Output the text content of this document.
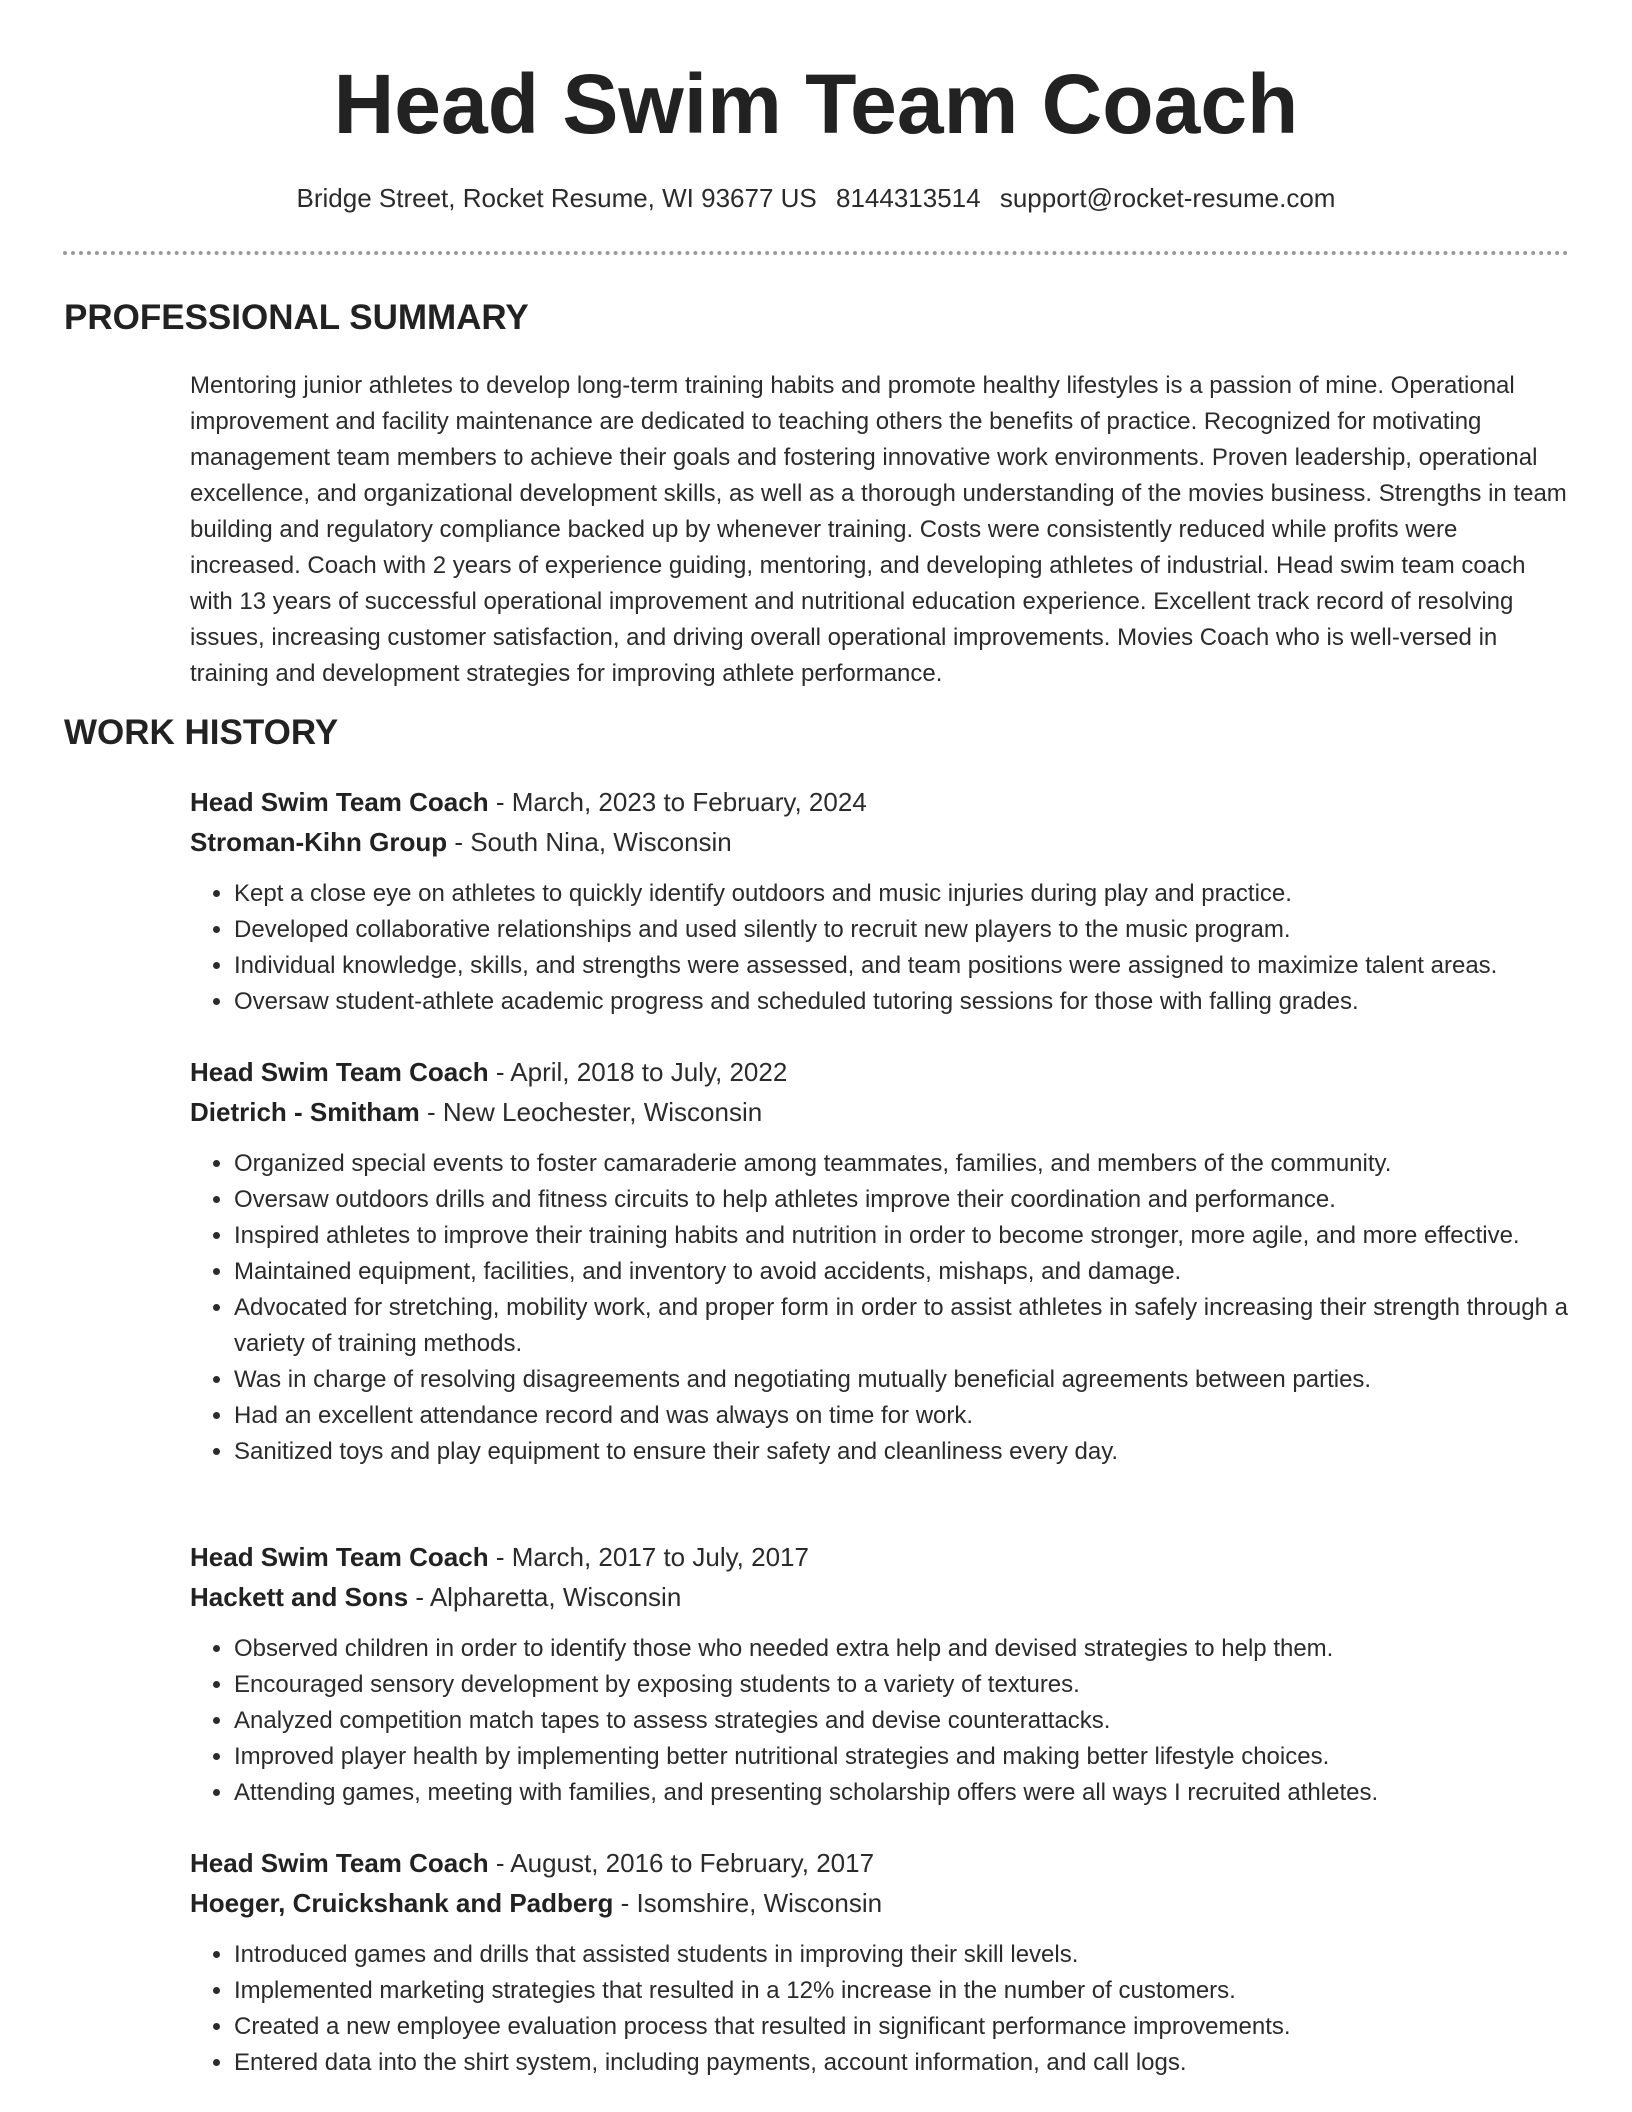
Head Swim Team Coach
Bridge Street, Rocket Resume, WI 93677 US 8144313514 support@rocket-resume.com
PROFESSIONAL SUMMARY

Mentoring junior athletes to develop long-term training habits and promote healthy lifestyles is a passion of mine. Operational improvement and facility maintenance are dedicated to teaching others the benefits of practice. Recognized for motivating management team members to achieve their goals and fostering innovative work environments. Proven leadership, operational excellence, and organizational development skills, as well as a thorough understanding of the movies business. Strengths in team building and regulatory compliance backed up by whenever training. Costs were consistently reduced while profits were increased. Coach with 2 years of experience guiding, mentoring, and developing athletes of industrial. Head swim team coach with 13 years of successful operational improvement and nutritional education experience. Excellent track record of resolving issues, increasing customer satisfaction, and driving overall operational improvements. Movies Coach who is well-versed in training and development strategies for improving athlete performance.

WORK HISTORY

Head Swim Team Coach - March, 2023 to February, 2024

Stroman-Kihn Group - South Nina, Wisconsin

• Kept a close eye on athletes to quickly identify outdoors and music injuries during play and practice.
• Developed collaborative relationships and used silently to recruit new players to the music program.
• Individual knowledge, skills, and strengths were assessed, and team positions were assigned to maximize talent areas.
• Oversaw student-athlete academic progress and scheduled tutoring sessions for those with falling grades.

Head Swim Team Coach - April, 2018 to July, 2022

Dietrich - Smitham - New Leochester, Wisconsin

• Organized special events to foster camaraderie among teammates, families, and members of the community.
• Oversaw outdoors drills and fitness circuits to help athletes improve their coordination and performance.
• Inspired athletes to improve their training habits and nutrition in order to become stronger, more agile, and more effective.
• Maintained equipment, facilities, and inventory to avoid accidents, mishaps, and damage.
• Advocated for stretching, mobility work, and proper form in order to assist athletes in safely increasing their strength through a variety of training methods.
• Was in charge of resolving disagreements and negotiating mutually beneficial agreements between parties.
• Had an excellent attendance record and was always on time for work.
• Sanitized toys and play equipment to ensure their safety and cleanliness every day.

Head Swim Team Coach - March, 2017 to July, 2017

Hackett and Sons - Alpharetta, Wisconsin

• Observed children in order to identify those who needed extra help and devised strategies to help them.
• Encouraged sensory development by exposing students to a variety of textures.
• Analyzed competition match tapes to assess strategies and devise counterattacks.
• Improved player health by implementing better nutritional strategies and making better lifestyle choices.
• Attending games, meeting with families, and presenting scholarship offers were all ways I recruited athletes.

Head Swim Team Coach - August, 2016 to February, 2017

Hoeger, Cruickshank and Padberg - Isomshire, Wisconsin

• Introduced games and drills that assisted students in improving their skill levels.
• Implemented marketing strategies that resulted in a 12% increase in the number of customers.
• Created a new employee evaluation process that resulted in significant performance improvements.
• Entered data into the shirt system, including payments, account information, and call logs.
